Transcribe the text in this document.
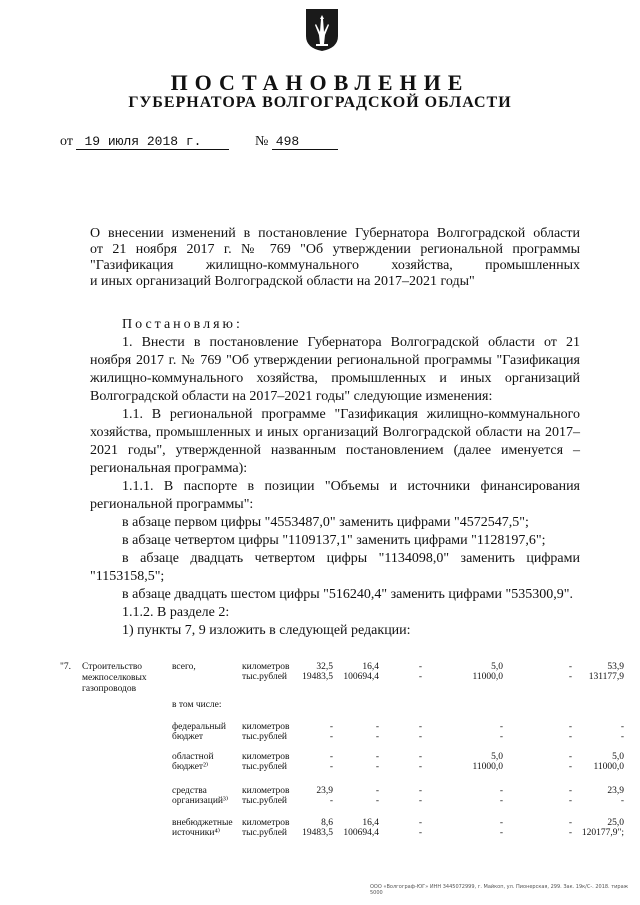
ПОСТАНОВЛЕНИЕ
ГУБЕРНАТОРА ВОЛГОГРАДСКОЙ ОБЛАСТИ
от 19 июля 2018 г.	№ 498
О внесении изменений в постановление Губернатора Волгоградской области
от 21 ноября 2017 г. № 769 "Об утверждении региональной программы
"Газификация жилищно-коммунального хозяйства, промышленных
и иных организаций Волгоградской области на 2017–2021 годы"
Постановляю:
1. Внести в постановление Губернатора Волгоградской области от 21 ноября 2017 г. № 769 "Об утверждении региональной программы "Газификация жилищно-коммунального хозяйства, промышленных и иных организаций Волгоградской области на 2017–2021 годы" следующие изменения:
1.1. В региональной программе "Газификация жилищно-коммунального хозяйства, промышленных и иных организаций Волгоградской области на 2017–2021 годы", утвержденной названным постановлением (далее именуется – региональная программа):
1.1.1. В паспорте в позиции "Объемы и источники финансирования региональной программы":
в абзаце первом цифры "4553487,0" заменить цифрами "4572547,5";
в абзаце четвертом цифры "1109137,1" заменить цифрами "1128197,6";
в абзаце двадцать четвертом цифры "1134098,0" заменить цифрами "1153158,5";
в абзаце двадцать шестом цифры "516240,4" заменить цифрами "535300,9".
1.1.2. В разделе 2:
1) пункты 7, 9 изложить в следующей редакции:
"7. Строительство
межпоселковых
газопроводов
в том числе:
всего,	километров
тыс.рублей
32,5
19483,5
16,4
100694,4
-
-
5,0
11000,0
-
-
53,9
131177,9
федеральный
бюджет
километров
тыс.рублей
-
-
-
-
-
-
-
-
-
-
-
-
областной
бюджет²⁾
километров
тыс.рублей
-
-
-
-
-
-
5,0
11000,0
-
-
5,0
11000,0
средства
организаций³⁾
километров
тыс.рублей
23,9
-
-
-
-
-
-
-
-
-
23,9
-
внебюджетные
источники⁴⁾
километров
тыс.рублей
8,6
19483,5
16,4
100694,4
-
-
-
-
-
-
25,0
120177,9";
ООО «Волгограф-ЮГ» ИНН 3445072999, г. Майкоп, ул. Пионерская, 299. Зак. 19к/С-. 2018. тираж 5000
